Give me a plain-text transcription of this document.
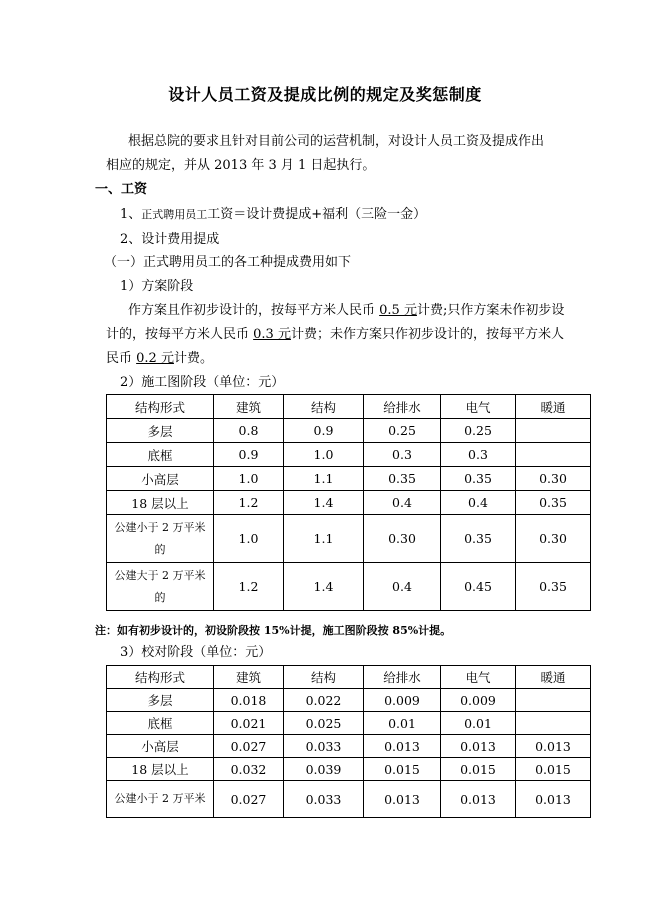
设计人员工资及提成比例的规定及奖惩制度
根据总院的要求且针对目前公司的运营机制，对设计人员工资及提成作出
相应的规定，并从 2013 年 3 月 1 日起执行。
一、工资
1、正式聘用员工工资＝设计费提成+福利（三险一金）
2、设计费用提成
（一）正式聘用员工的各工种提成费用如下
1）方案阶段
作方案且作初步设计的，按每平方米人民币 0.5 元计费;只作方案未作初步设
计的，按每平方米人民币 0.3 元计费；未作方案只作初步设计的，按每平方米人
民币 0.2 元计费。
2）施工图阶段（单位：元）
结构形式	建筑	结构	给排水	电气	暖通
多层	0.8	0.9	0.25	0.25	
底框	0.9	1.0	0.3	0.3	
小高层	1.0	1.1	0.35	0.35	0.30
18 层以上	1.2	1.4	0.4	0.4	0.35
公建小于 2 万平米的	1.0	1.1	0.30	0.35	0.30
公建大于 2 万平米的	1.2	1.4	0.4	0.45	0.35
注：如有初步设计的，初设阶段按 15%计提，施工图阶段按 85%计提。
3）校对阶段（单位：元）
结构形式	建筑	结构	给排水	电气	暖通
多层	0.018	0.022	0.009	0.009	
底框	0.021	0.025	0.01	0.01	
小高层	0.027	0.033	0.013	0.013	0.013
18 层以上	0.032	0.039	0.015	0.015	0.015
公建小于 2 万平米	0.027	0.033	0.013	0.013	0.013
